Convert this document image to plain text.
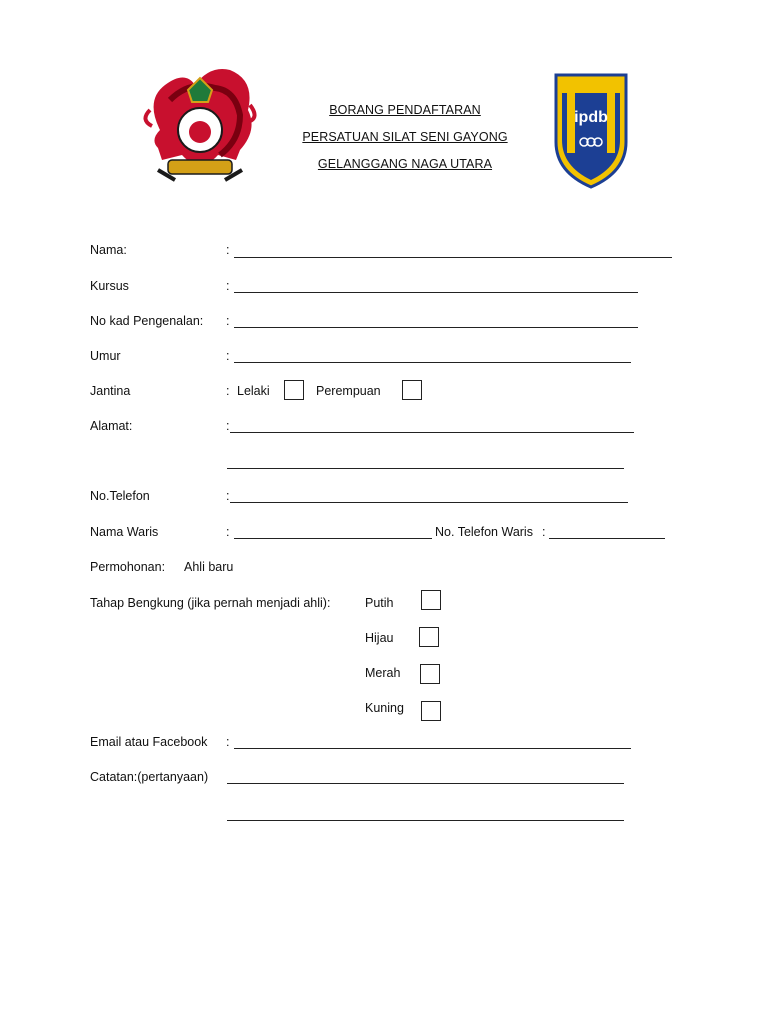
BORANG PENDAFTARAN
PERSATUAN SILAT SENI GAYONG
GELANGGANG NAGA UTARA
ipdb
Nama:	:
Kursus	:
No kad Pengenalan: :
Umur	:
Jantina	: Lelaki	Perempuan
Alamat:	:
No.Telefon	:
Nama Waris	:	No. Telefon Waris :
Permohonan: Ahli baru
Tahap Bengkung (jika pernah menjadi ahli):	Putih
Hijau
Merah
Kuning
Email atau Facebook :
Catatan:(pertanyaan)
